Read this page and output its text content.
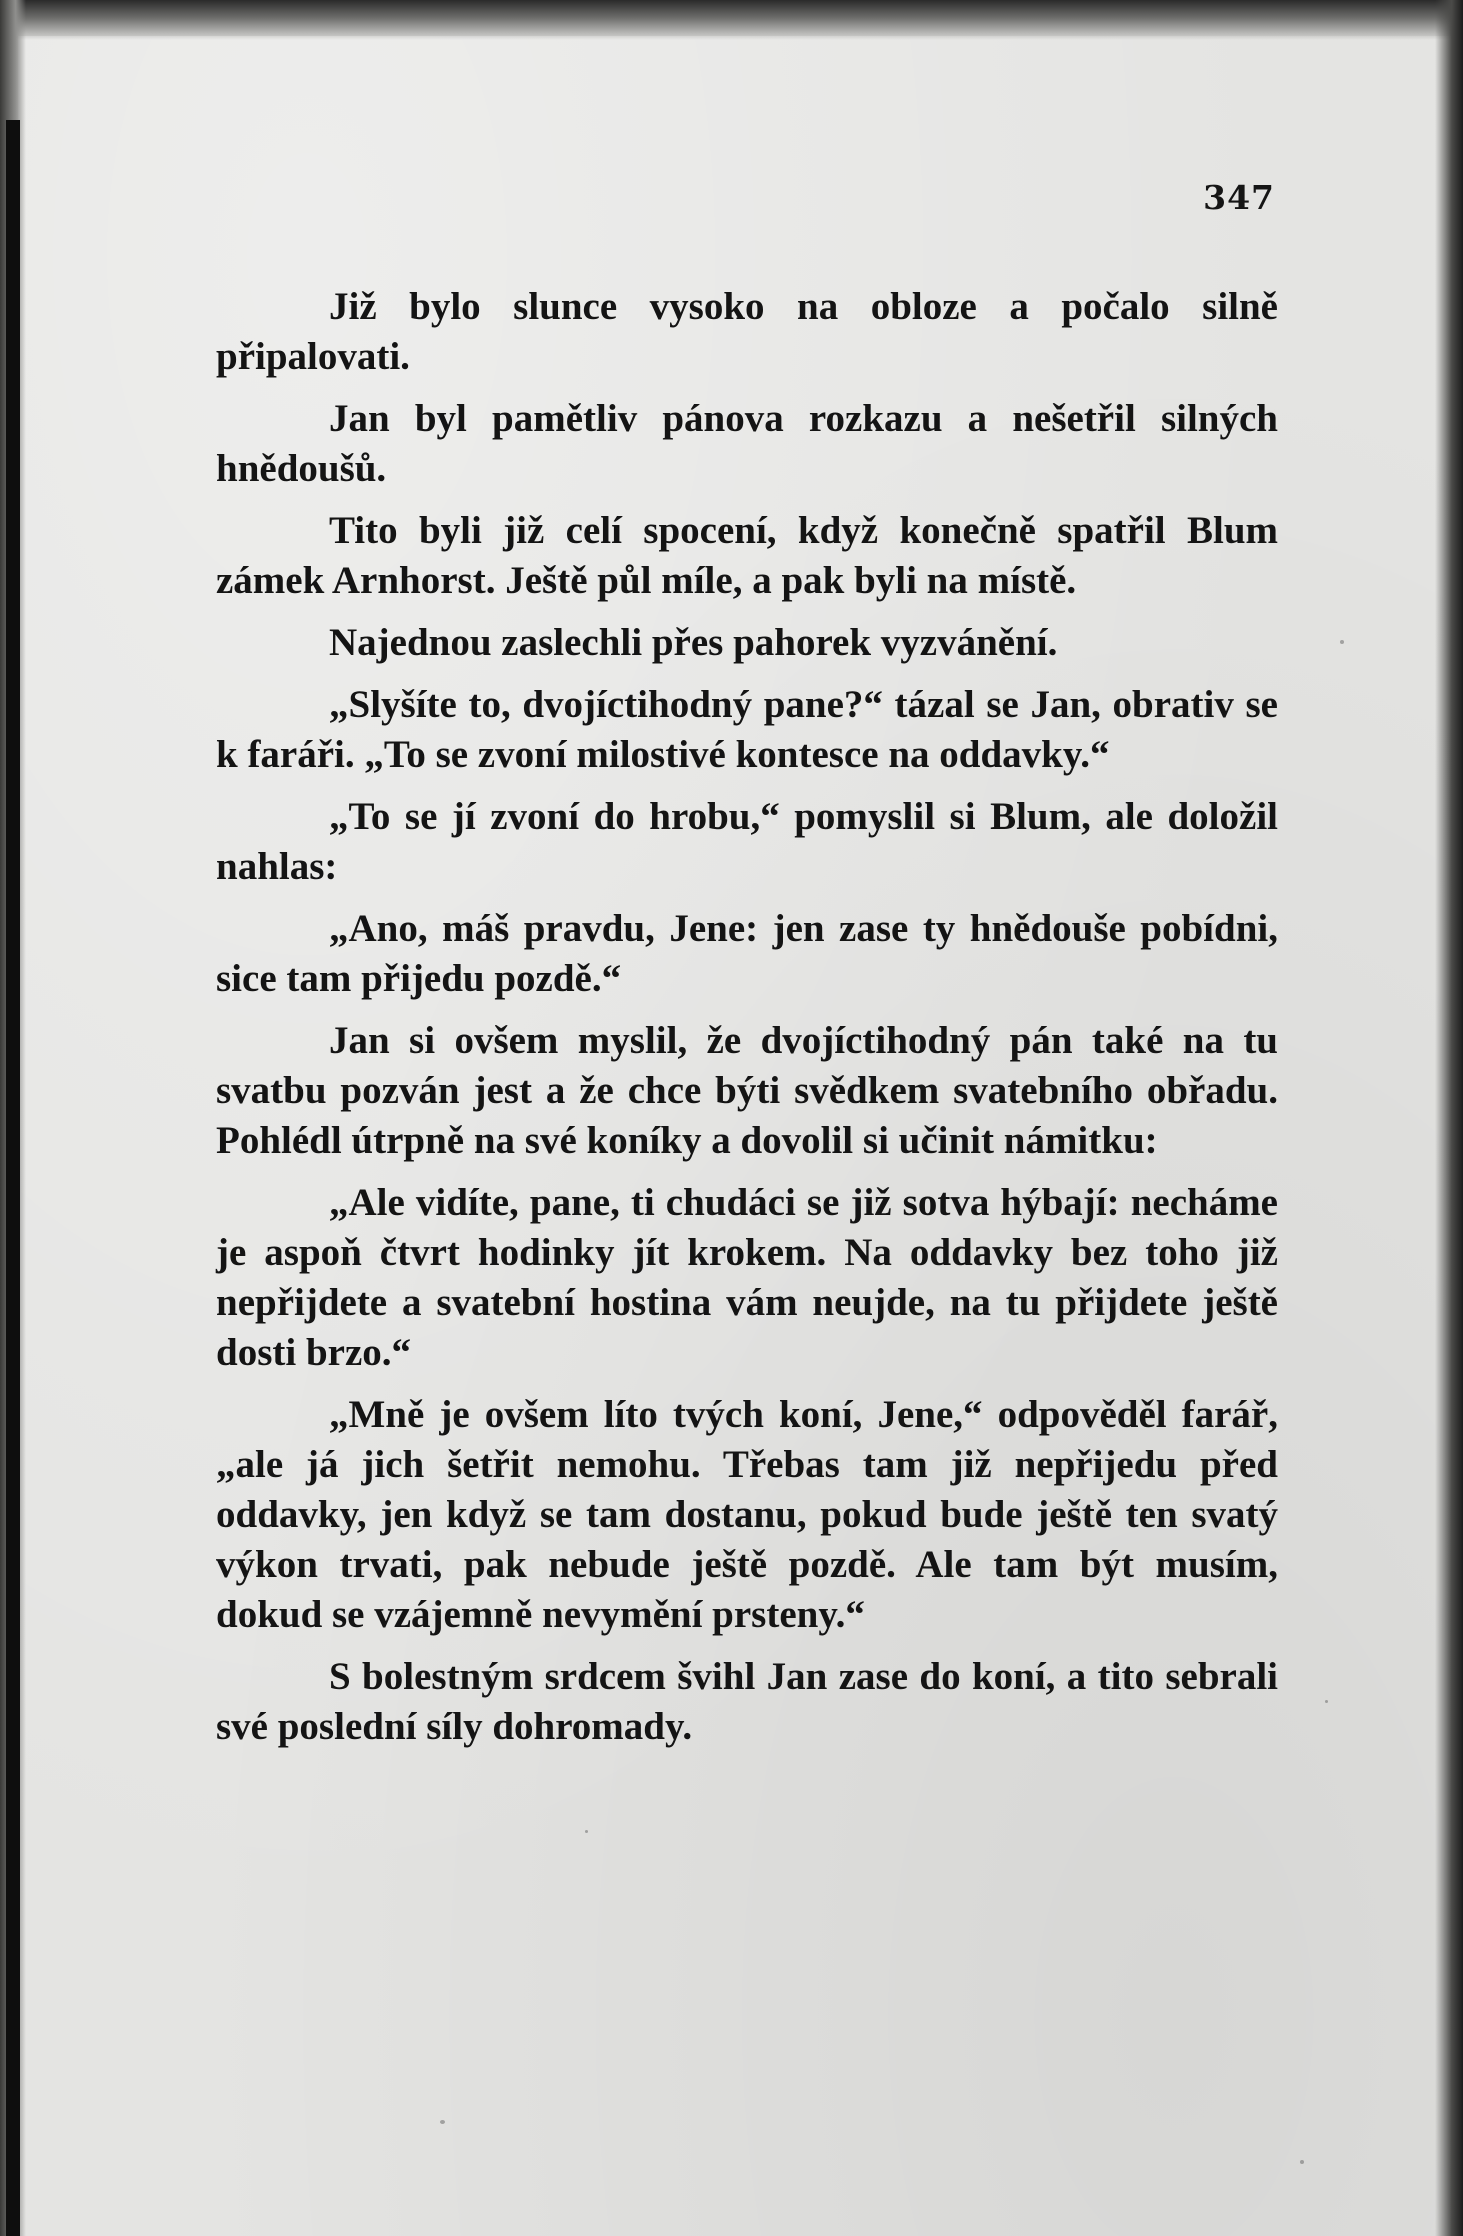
347

Již bylo slunce vysoko na obloze a počalo silně připalovati.

Jan byl pamětliv pánova rozkazu a nešetřil silných hnědoušů.

Tito byli již celí spocení, když konečně spatřil Blum zámek Arnhorst. Ještě půl míle, a pak byli na místě.

Najednou zaslechli přes pahorek vyzvánění.

„Slyšíte to, dvojíctihodný pane?“ tázal se Jan, obrativ se k faráři. „To se zvoní milostivé kontesce na oddavky.“

„To se jí zvoní do hrobu,“ pomyslil si Blum, ale doložil nahlas:

„Ano, máš pravdu, Jene: jen zase ty hnědouše pobídni, sice tam přijedu pozdě.“

Jan si ovšem myslil, že dvojíctihodný pán také na tu svatbu pozván jest a že chce býti svědkem svatebního obřadu. Pohlédl útrpně na své koníky a dovolil si učinit námitku:

„Ale vidíte, pane, ti chudáci se již sotva hýbají: necháme je aspoň čtvrt hodinky jít krokem. Na oddavky bez toho již nepřijdete a svatební hostina vám neujde, na tu přijdete ještě dosti brzo.“

„Mně je ovšem líto tvých koní, Jene,“ odpověděl farář, „ale já jich šetřit nemohu. Třebas tam již nepřijedu před oddavky, jen když se tam dostanu, pokud bude ještě ten svatý výkon trvati, pak nebude ještě pozdě. Ale tam být musím, dokud se vzájemně nevymění prsteny.“

S bolestným srdcem švihl Jan zase do koní, a tito sebrali své poslední síly dohromady.
